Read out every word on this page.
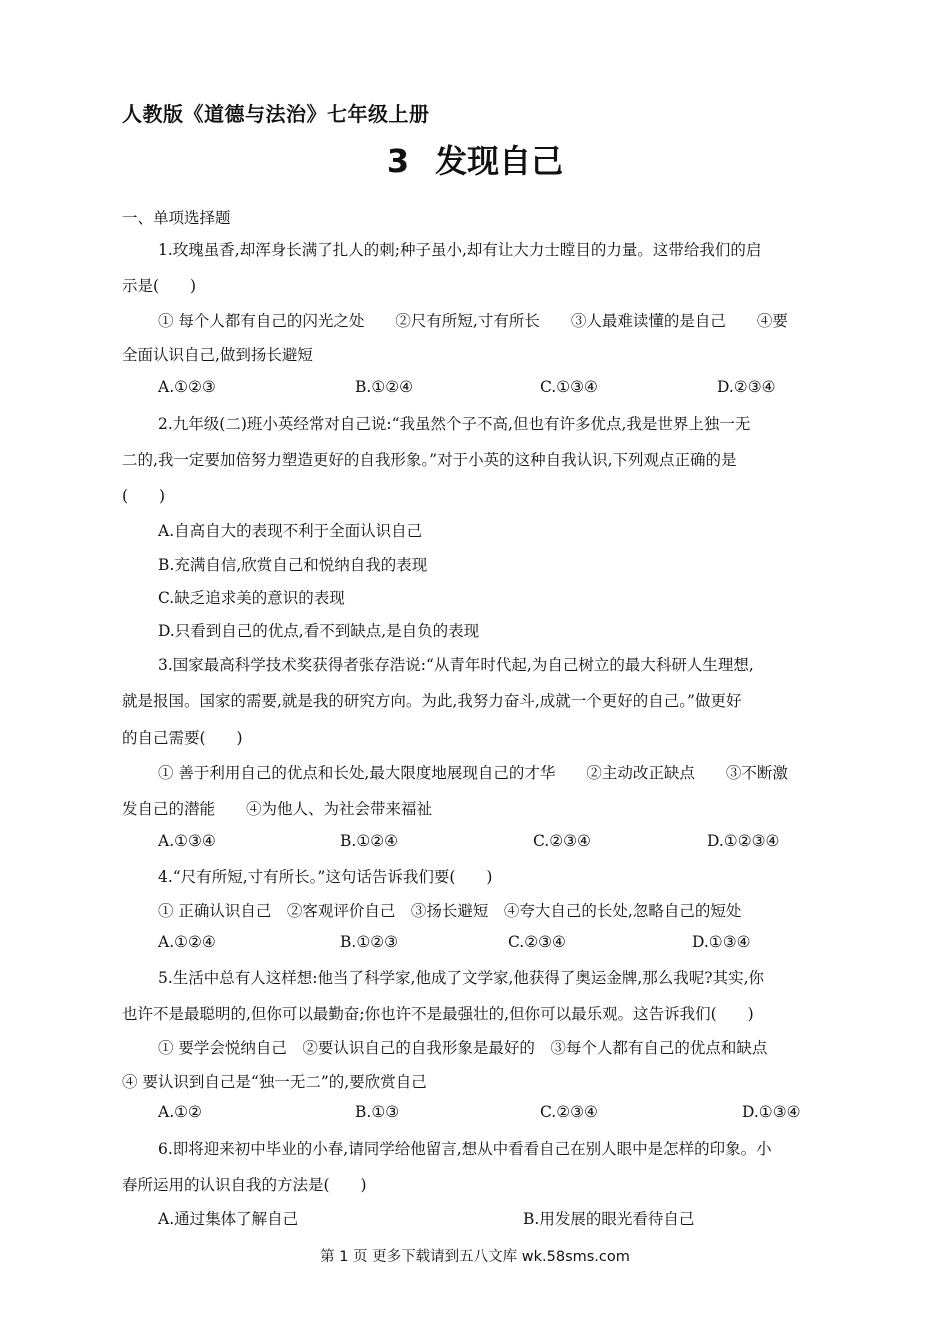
人教版《道德与法治》七年级上册
3 发现自己
一、单项选择题
1.玫瑰虽香,却浑身长满了扎人的刺;种子虽小,却有让大力士瞠目的力量。这带给我们的启
示是(　　)
① 每个人都有自己的闪光之处　　②尺有所短,寸有所长　　③人最难读懂的是自己　　④要
全面认识自己,做到扬长避短
A.①②③	B.①②④	C.①③④	D.②③④
2.九年级(二)班小英经常对自己说:“我虽然个子不高,但也有许多优点,我是世界上独一无
二的,我一定要加倍努力塑造更好的自我形象。”对于小英的这种自我认识,下列观点正确的是
(　　)
A.自高自大的表现不利于全面认识自己
B.充满自信,欣赏自己和悦纳自我的表现
C.缺乏追求美的意识的表现
D.只看到自己的优点,看不到缺点,是自负的表现
3.国家最高科学技术奖获得者张存浩说:“从青年时代起,为自己树立的最大科研人生理想,
就是报国。国家的需要,就是我的研究方向。为此,我努力奋斗,成就一个更好的自己。”做更好
的自己需要(　　)
① 善于利用自己的优点和长处,最大限度地展现自己的才华　　②主动改正缺点　　③不断激
发自己的潜能　　④为他人、为社会带来福祉
A.①③④	B.①②④	C.②③④	D.①②③④
4.“尺有所短,寸有所长。”这句话告诉我们要(　　)
① 正确认识自己　②客观评价自己　③扬长避短　④夸大自己的长处,忽略自己的短处
A.①②④	B.①②③	C.②③④	D.①③④
5.生活中总有人这样想:他当了科学家,他成了文学家,他获得了奥运金牌,那么我呢?其实,你
也许不是最聪明的,但你可以最勤奋;你也许不是最强壮的,但你可以最乐观。这告诉我们(　　)
① 要学会悦纳自己　②要认识自己的自我形象是最好的　③每个人都有自己的优点和缺点
④ 要认识到自己是“独一无二”的,要欣赏自己
A.①②	B.①③	C.②③④	D.①③④
6.即将迎来初中毕业的小春,请同学给他留言,想从中看看自己在别人眼中是怎样的印象。小
春所运用的认识自我的方法是(　　)
A.通过集体了解自己	B.用发展的眼光看待自己
第 1 页 更多下载请到五八文库 wk.58sms.com
